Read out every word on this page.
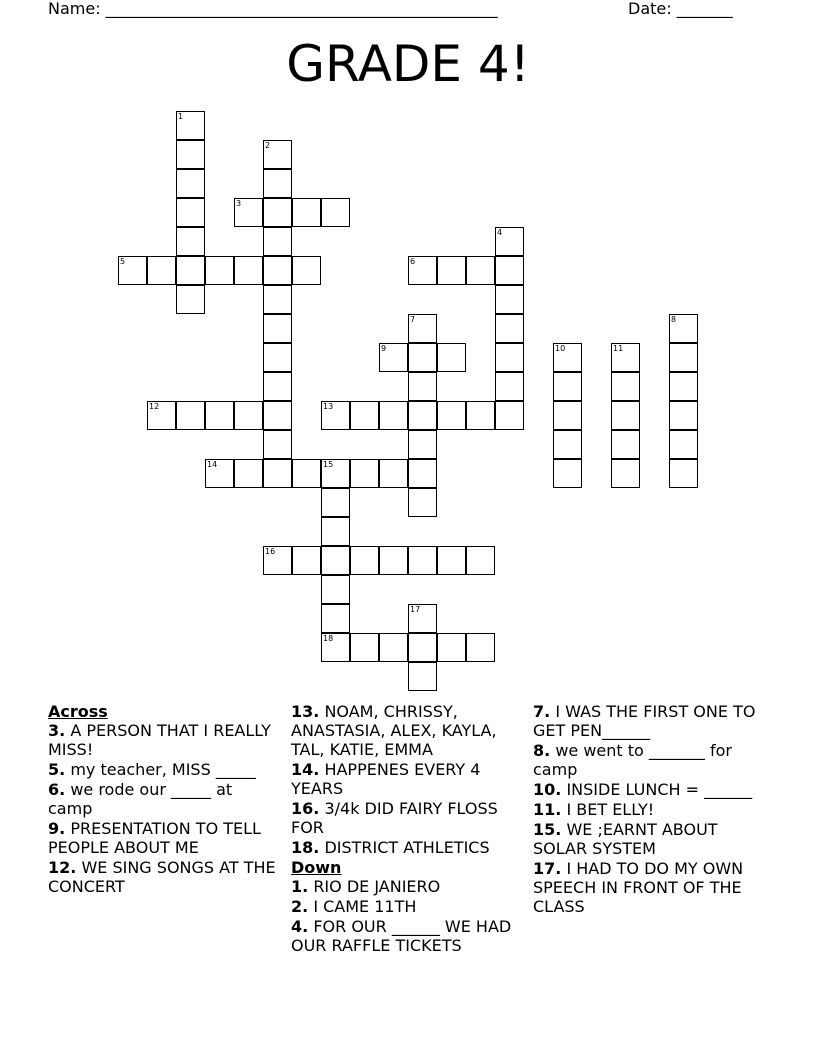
Name: _________________________________________________	Date: _______
GRADE 4!
1
2
3
4
5	6
7	8
9	10	11
12	13
14	15
16
17
18
Across
3. A PERSON THAT I REALLY MISS!
5. my teacher, MISS _____
6. we rode our _____ at camp
9. PRESENTATION TO TELL PEOPLE ABOUT ME
12. WE SING SONGS AT THE CONCERT
13. NOAM, CHRISSY, ANASTASIA, ALEX, KAYLA, TAL, KATIE, EMMA
14. HAPPENES EVERY 4 YEARS
16. 3/4k DID FAIRY FLOSS FOR
18. DISTRICT ATHLETICS
Down
1. RIO DE JANIERO
2. I CAME 11TH
4. FOR OUR ______ WE HAD OUR RAFFLE TICKETS
7. I WAS THE FIRST ONE TO GET PEN______
8. we went to _______ for camp
10. INSIDE LUNCH = ______
11. I BET ELLY!
15. WE ;EARNT ABOUT SOLAR SYSTEM
17. I HAD TO DO MY OWN SPEECH IN FRONT OF THE CLASS
